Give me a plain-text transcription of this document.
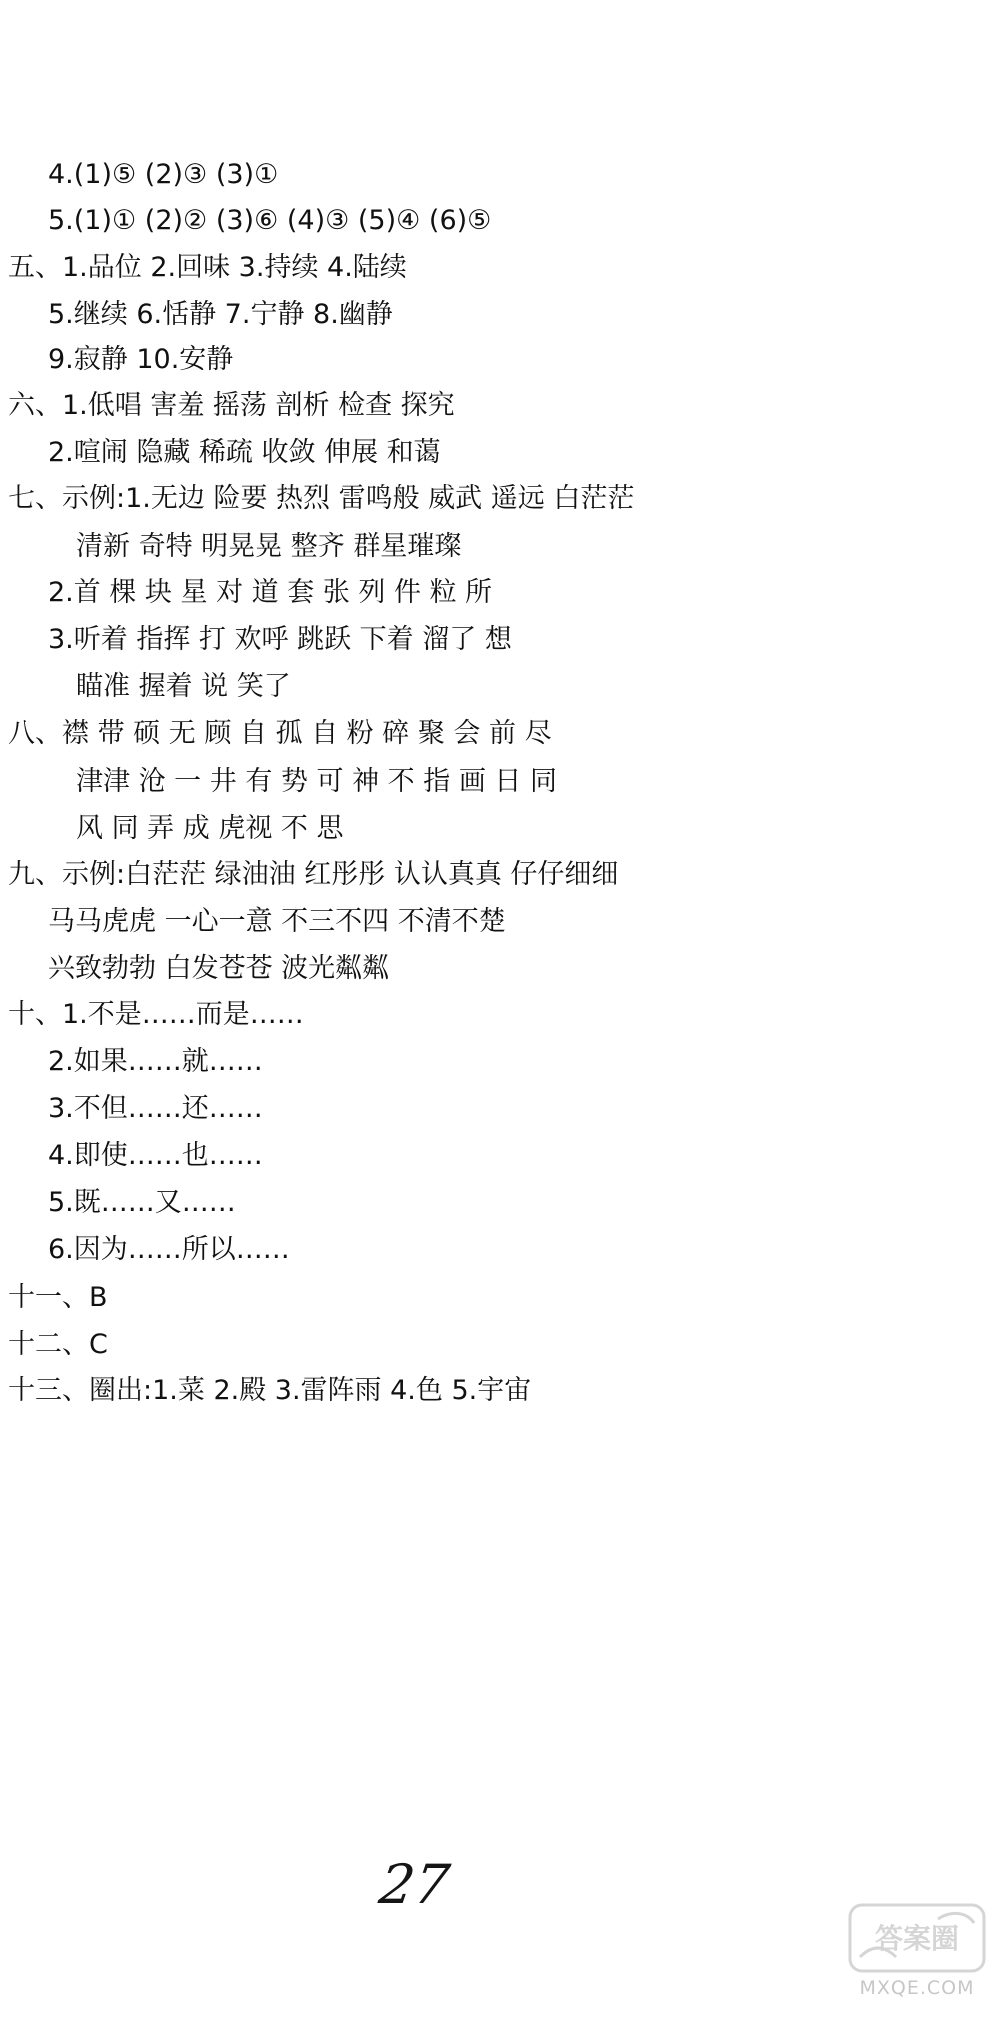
4.(1)⑤ (2)③ (3)①
5.(1)① (2)② (3)⑥ (4)③ (5)④ (6)⑤
五、1.品位 2.回味 3.持续 4.陆续
5.继续 6.恬静 7.宁静 8.幽静
9.寂静 10.安静
六、1.低唱 害羞 摇荡 剖析 检查 探究
2.喧闹 隐藏 稀疏 收敛 伸展 和蔼
七、示例:1.无边 险要 热烈 雷鸣般 威武 遥远 白茫茫
清新 奇特 明晃晃 整齐 群星璀璨
2.首 棵 块 星 对 道 套 张 列 件 粒 所
3.听着 指挥 打 欢呼 跳跃 下着 溜了 想
瞄准 握着 说 笑了
八、襟 带 硕 无 顾 自 孤 自 粉 碎 聚 会 前 尽
津津 沧 一 井 有 势 可 神 不 指 画 日 同
风 同 弄 成 虎视 不 思
九、示例:白茫茫 绿油油 红彤彤 认认真真 仔仔细细
马马虎虎 一心一意 不三不四 不清不楚
兴致勃勃 白发苍苍 波光粼粼
十、1.不是……而是……
2.如果……就……
3.不但……还……
4.即使……也……
5.既……又……
6.因为……所以……
十一、B
十二、C
十三、圈出:1.菜 2.殿 3.雷阵雨 4.色 5.宇宙
27
答案圈
MXQE.COM
